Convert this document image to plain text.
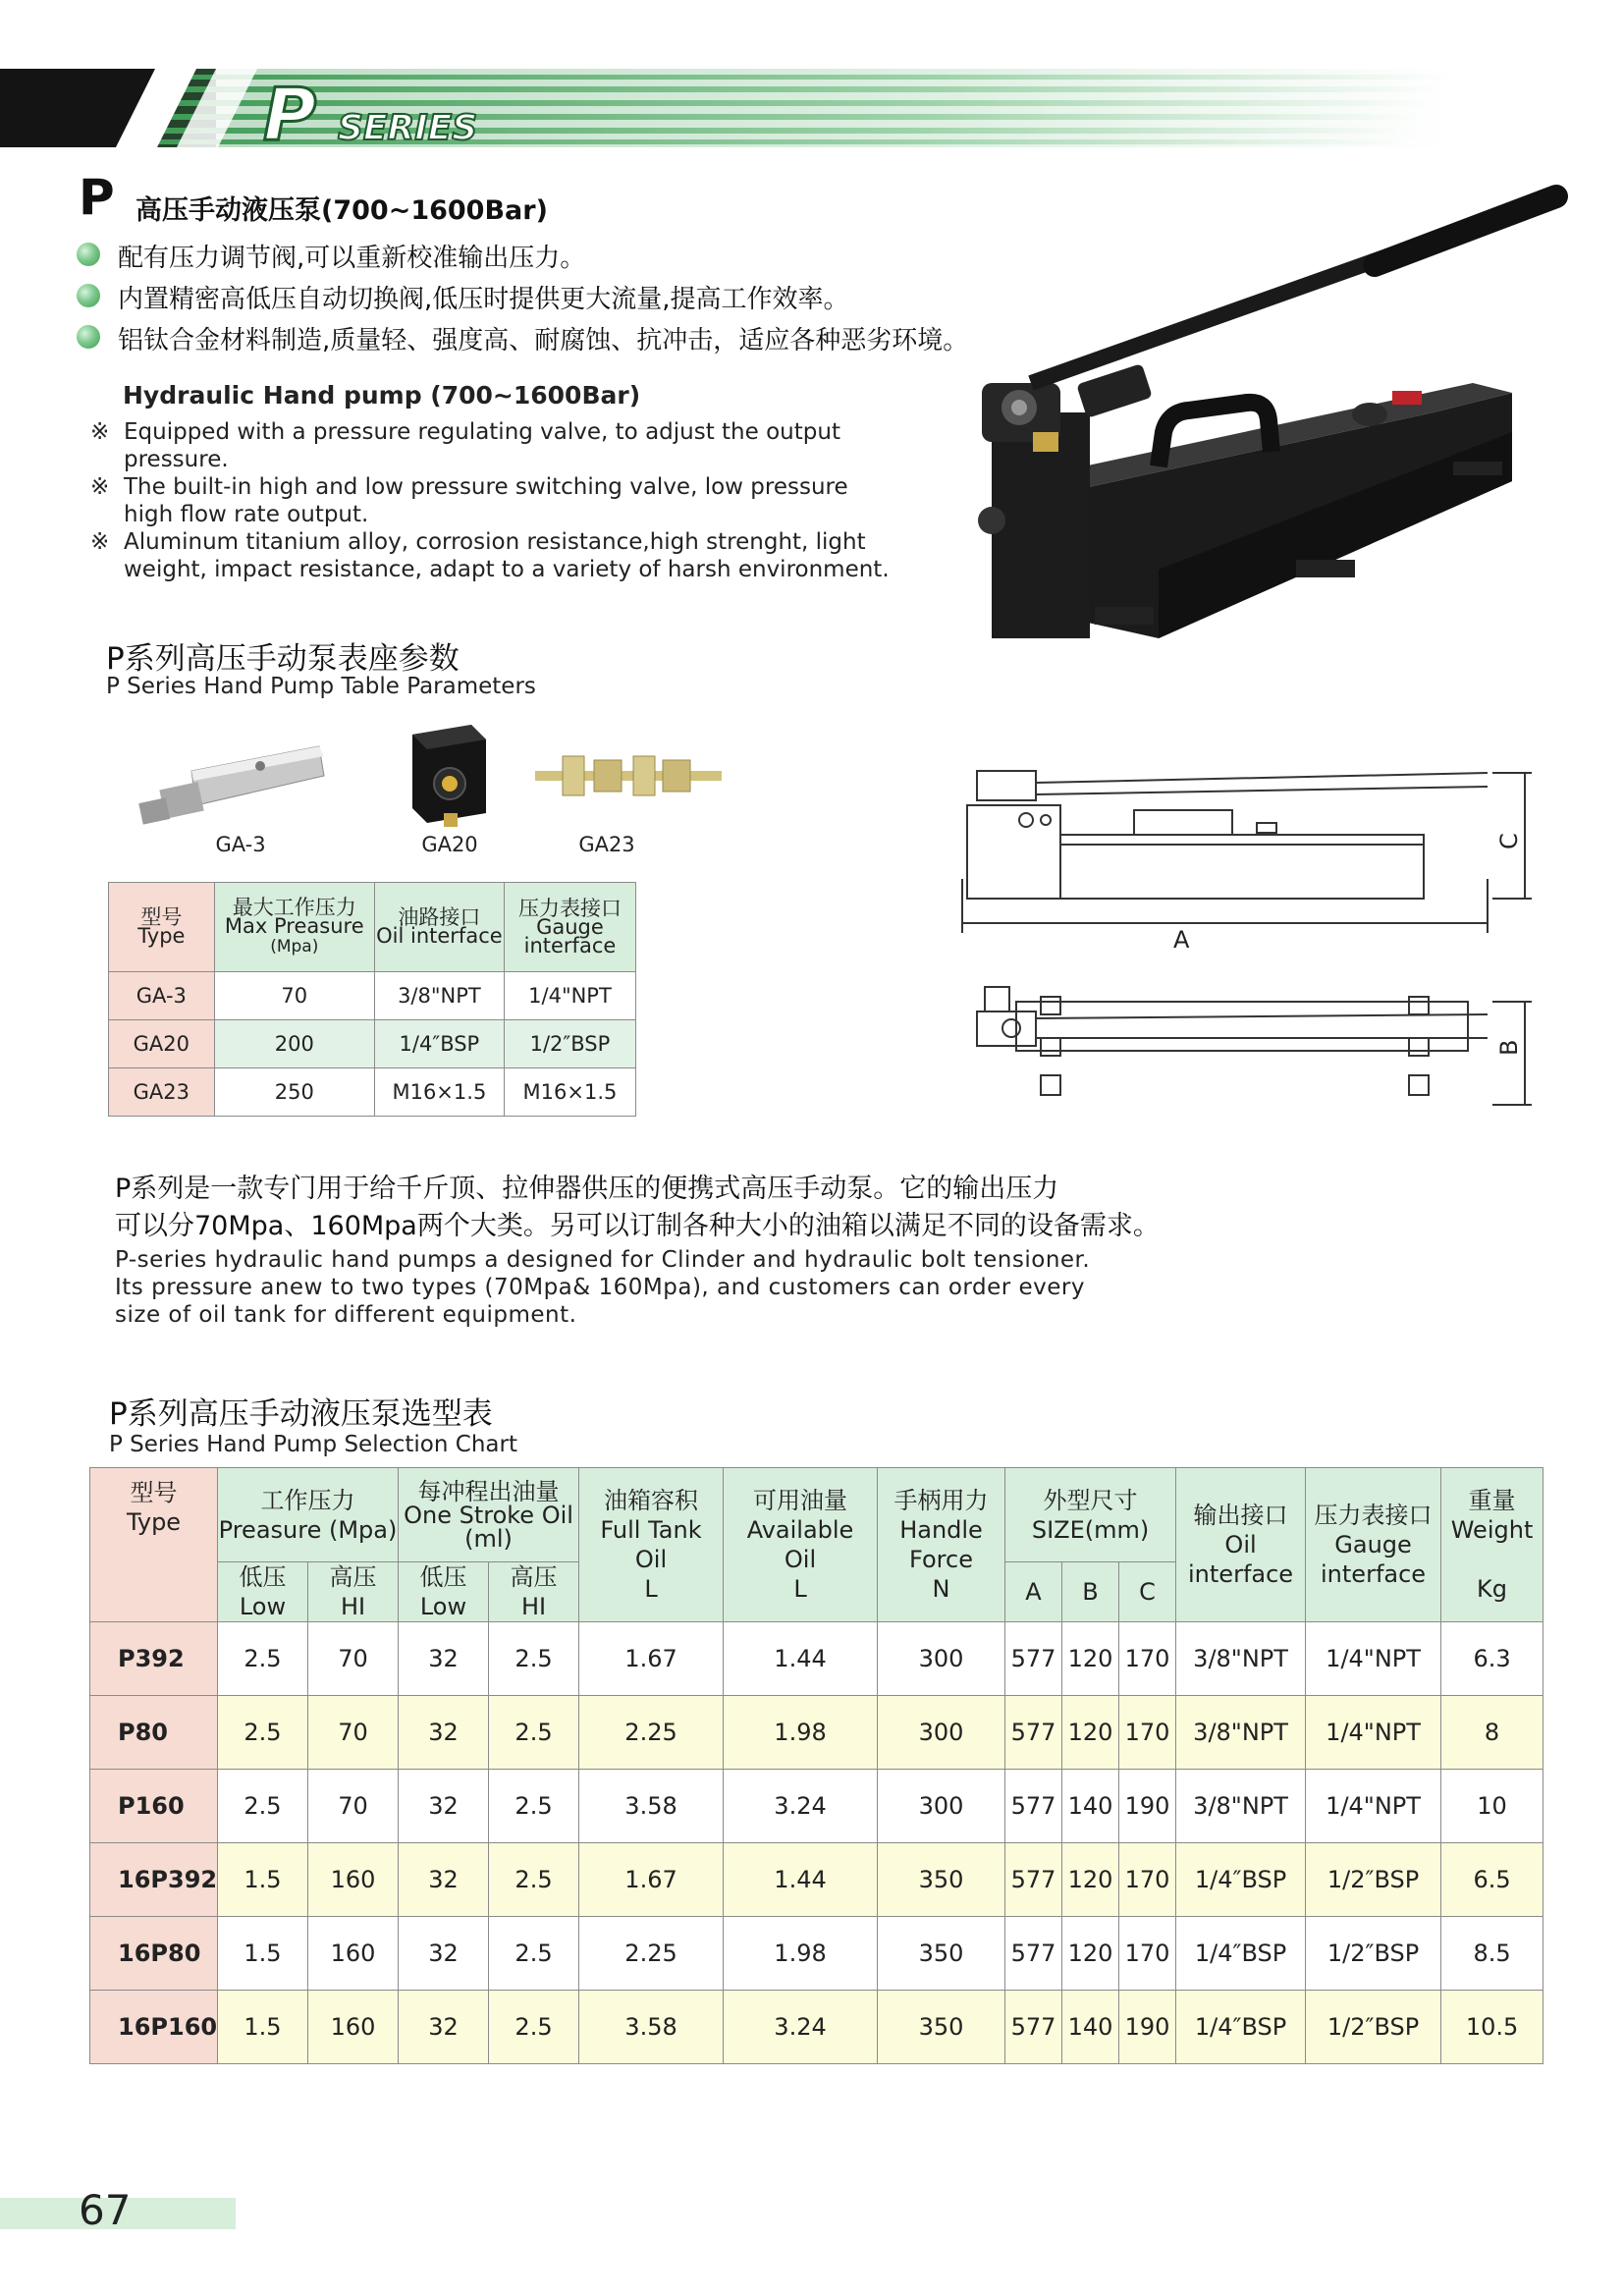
P SERIES
P 高压手动液压泵(700~1600Bar)
配有压力调节阀,可以重新校准输出压力。
内置精密高低压自动切换阀,低压时提供更大流量,提高工作效率。
铝钛合金材料制造,质量轻、强度高、耐腐蚀、抗冲击，适应各种恶劣环境。
Hydraulic Hand pump (700~1600Bar)
※ Equipped with a pressure regulating valve, to adjust the output
pressure.
※ The built-in high and low pressure switching valve, low pressure
high flow rate output.
※ Aluminum titanium alloy, corrosion resistance,high strenght, light
weight, impact resistance, adapt to a variety of harsh environment.
P系列高压手动泵表座参数
P Series Hand Pump Table Parameters
GA-3	GA20	GA23
型号
Type	最大工作压力
Max Preasure
(Mpa)	油路接口
Oil interface	压力表接口
Gauge
interface
GA-3	70	3/8"NPT	1/4"NPT
GA20	200	1/4″BSP	1/2″BSP
GA23	250	M16×1.5	M16×1.5
A
C
B
P系列是一款专门用于给千斤顶、拉伸器供压的便携式高压手动泵。它的输出压力
可以分70Mpa、160Mpa两个大类。另可以订制各种大小的油箱以满足不同的设备需求。
P-series hydraulic hand pumps a designed for Clinder and hydraulic bolt tensioner.
Its pressure anew to two types (70Mpa& 160Mpa), and customers can order every
size of oil tank for different equipment.
P系列高压手动液压泵选型表
P Series Hand Pump Selection Chart
型号
Type	工作压力
Preasure (Mpa)		每冲程出油量
One Stroke Oil
(ml)		油箱容积
Full Tank
Oil
L	可用油量
Available
Oil
L	手柄用力
Handle
Force
N	外型尺寸
SIZE(mm)			输出接口
Oil
interface	压力表接口
Gauge
interface	重量
Weight

Kg
	低压
Low	高压
HI	低压
Low	高压
HI				A	B	C			
P392	2.5	70	32	2.5	1.67	1.44	300	577	120	170	3/8"NPT	1/4"NPT	6.3
P80	2.5	70	32	2.5	2.25	1.98	300	577	120	170	3/8"NPT	1/4"NPT	8
P160	2.5	70	32	2.5	3.58	3.24	300	577	140	190	3/8"NPT	1/4"NPT	10
16P392	1.5	160	32	2.5	1.67	1.44	350	577	120	170	1/4″BSP	1/2″BSP	6.5
16P80	1.5	160	32	2.5	2.25	1.98	350	577	120	170	1/4″BSP	1/2″BSP	8.5
16P160	1.5	160	32	2.5	3.58	3.24	350	577	140	190	1/4″BSP	1/2″BSP	10.5
67
